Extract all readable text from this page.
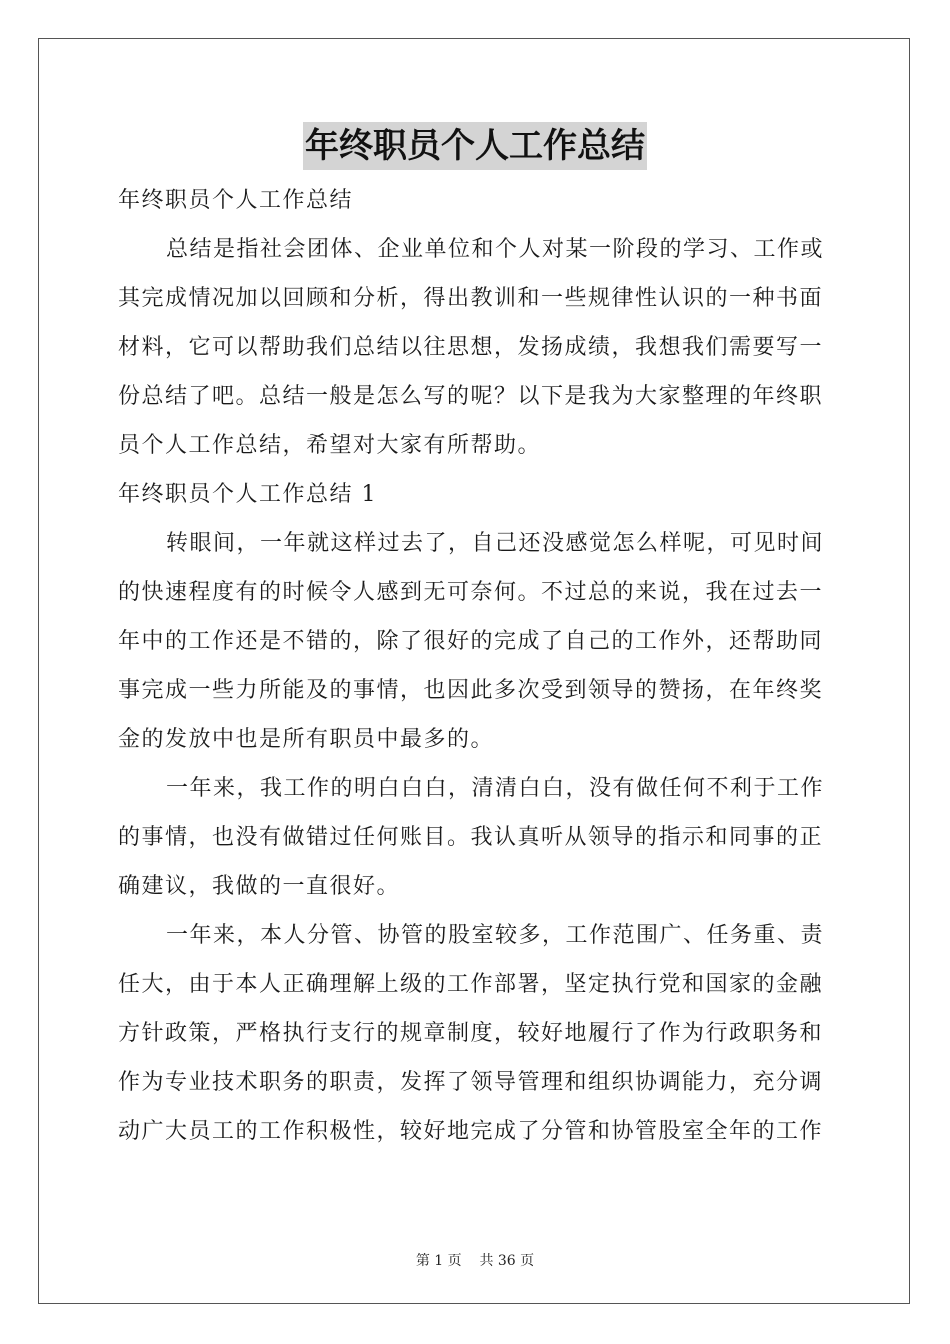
年终职员个人工作总结
年终职员个人工作总结
总结是指社会团体、企业单位和个人对某一阶段的学习、工作或
其完成情况加以回顾和分析，得出教训和一些规律性认识的一种书面
材料，它可以帮助我们总结以往思想，发扬成绩，我想我们需要写一
份总结了吧。总结一般是怎么写的呢？以下是我为大家整理的年终职
员个人工作总结，希望对大家有所帮助。
年终职员个人工作总结 1
转眼间，一年就这样过去了，自己还没感觉怎么样呢，可见时间
的快速程度有的时候令人感到无可奈何。不过总的来说，我在过去一
年中的工作还是不错的，除了很好的完成了自己的工作外，还帮助同
事完成一些力所能及的事情，也因此多次受到领导的赞扬，在年终奖
金的发放中也是所有职员中最多的。
一年来，我工作的明白白白，清清白白，没有做任何不利于工作
的事情，也没有做错过任何账目。我认真听从领导的指示和同事的正
确建议，我做的一直很好。
一年来，本人分管、协管的股室较多，工作范围广、任务重、责
任大，由于本人正确理解上级的工作部署，坚定执行党和国家的金融
方针政策，严格执行支行的规章制度，较好地履行了作为行政职务和
作为专业技术职务的职责，发挥了领导管理和组织协调能力，充分调
动广大员工的工作积极性，较好地完成了分管和协管股室全年的工作
第 1 页 共 36 页
